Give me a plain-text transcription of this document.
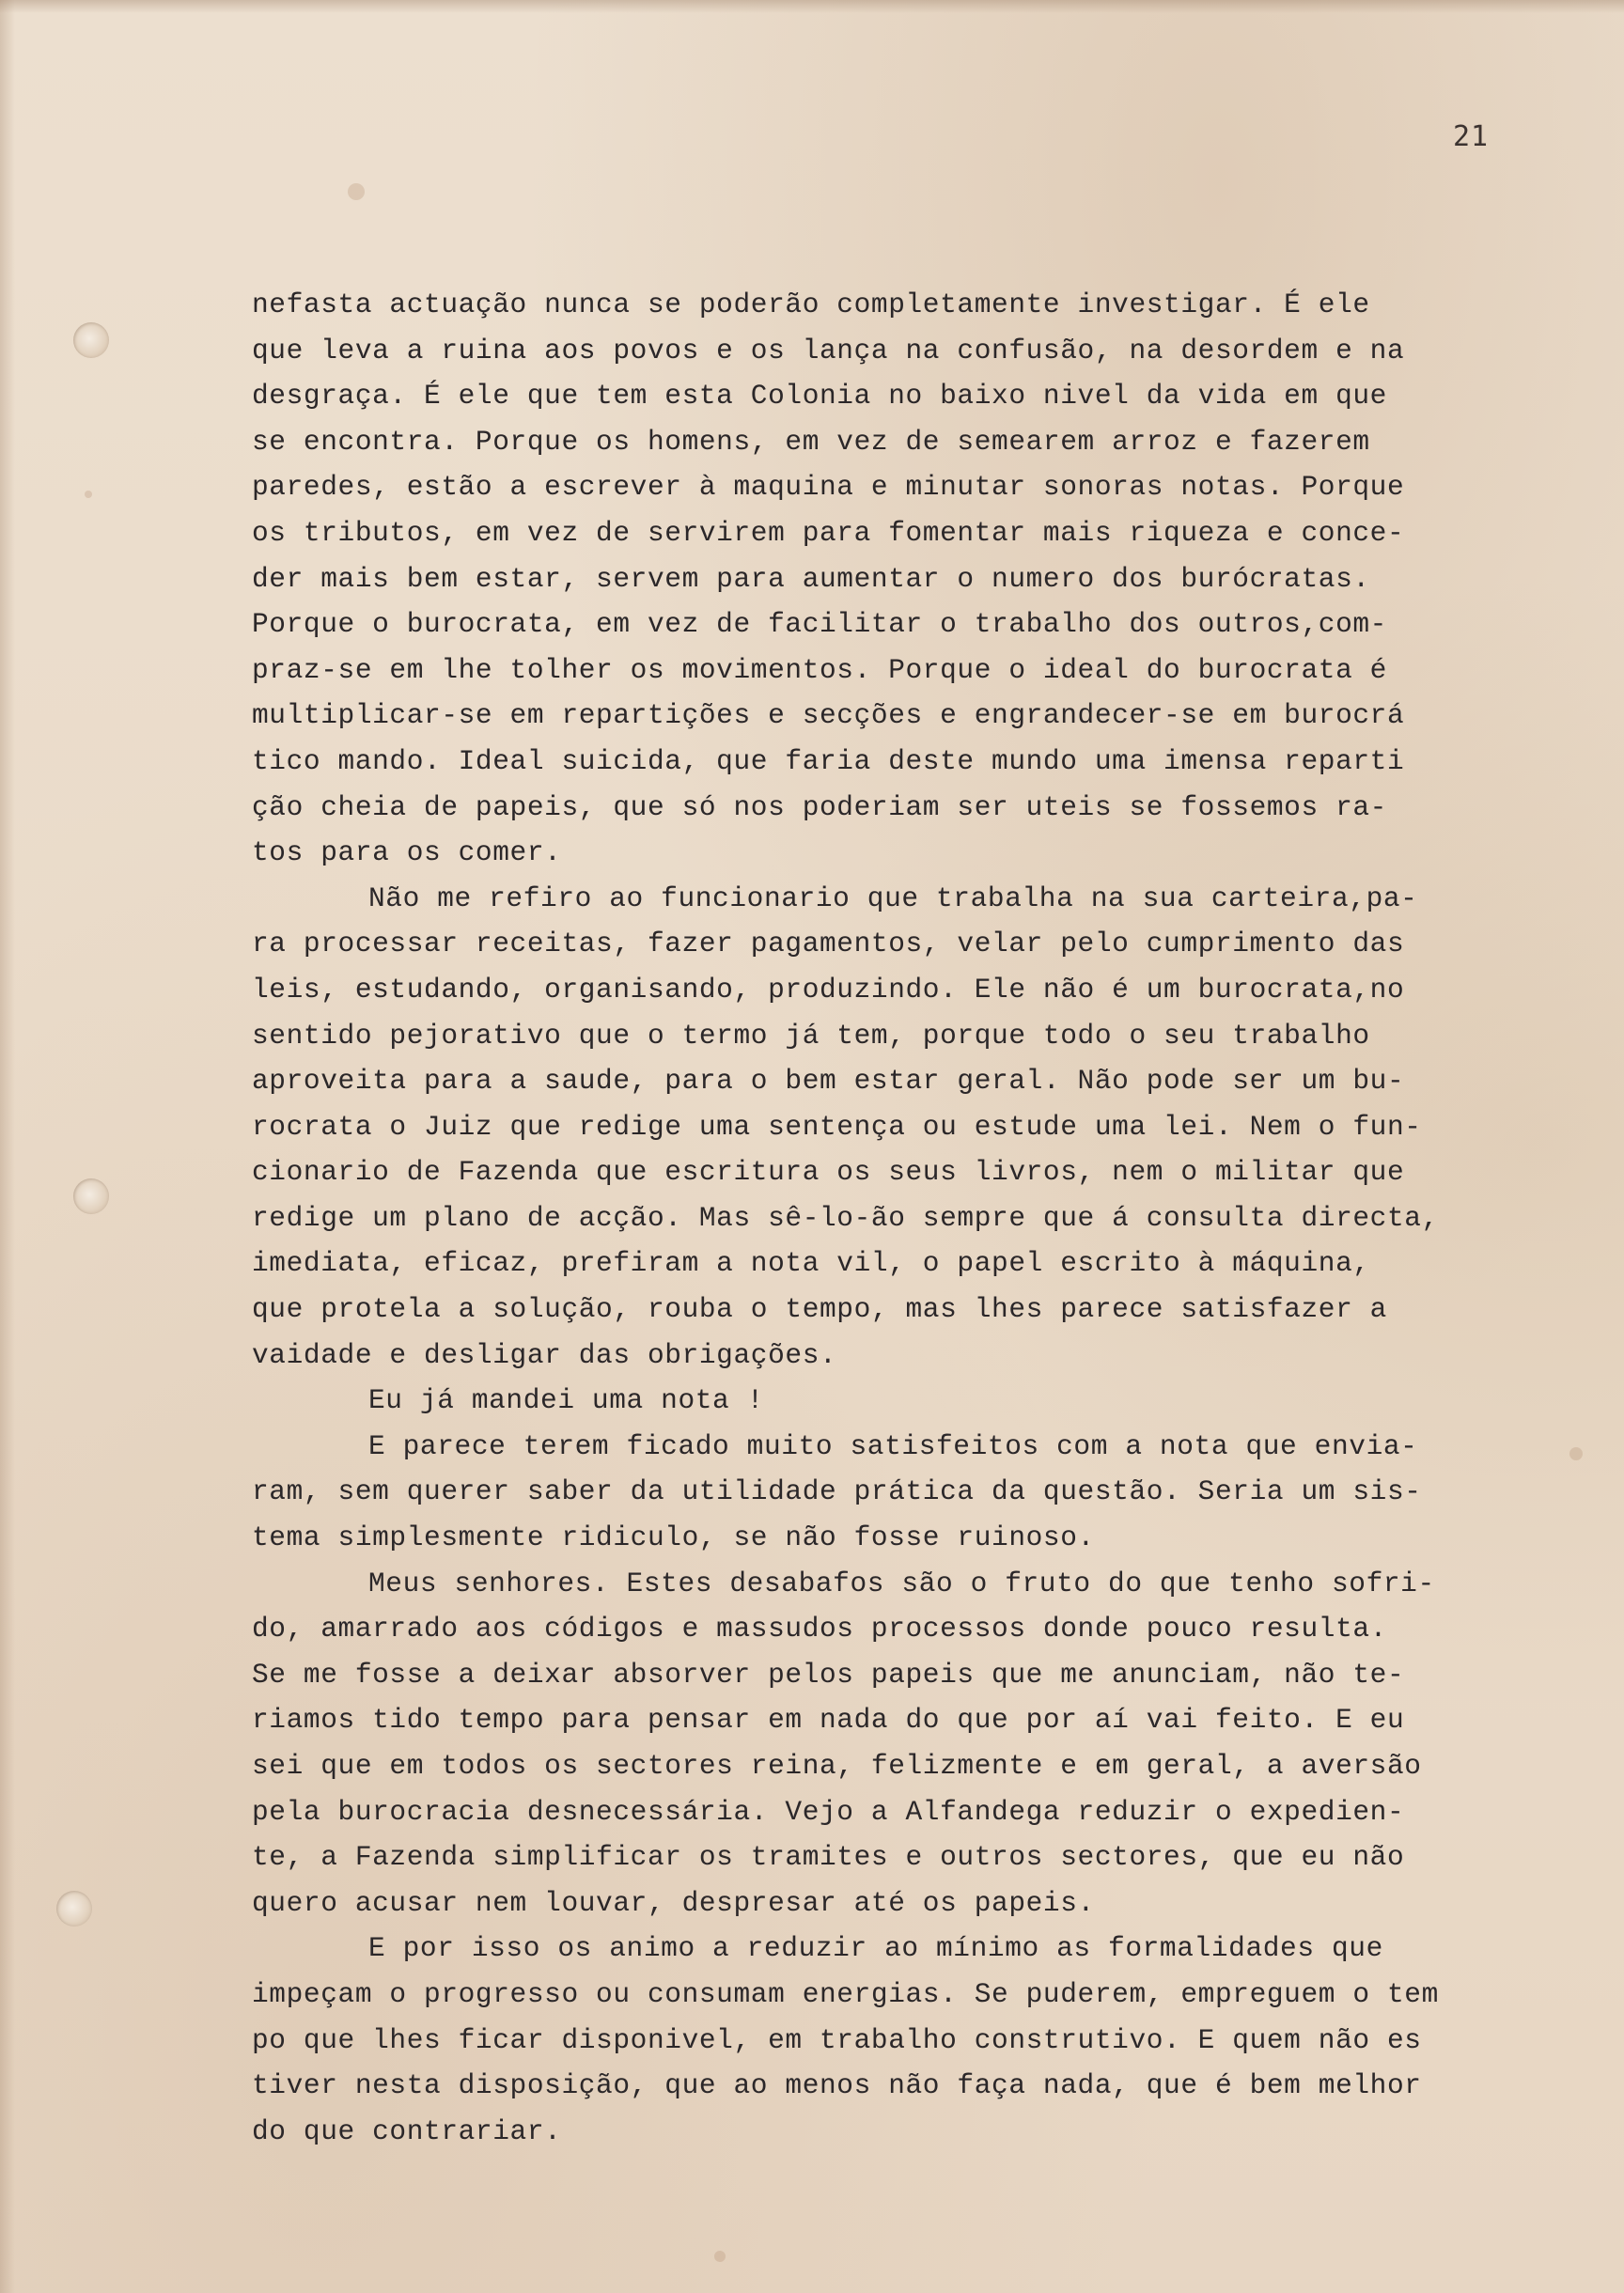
21
nefasta actuação nunca se poderão completamente investigar. É ele
que leva a ruina aos povos e os lança na confusão, na desordem e na
desgraça. É ele que tem esta Colonia no baixo nivel da vida em que
se encontra. Porque os homens, em vez de semearem arroz e fazerem
paredes, estão a escrever à maquina e minutar sonoras notas. Porque
os tributos, em vez de servirem para fomentar mais riqueza e conce-
der mais bem estar, servem para aumentar o numero dos burócratas.
Porque o burocrata, em vez de facilitar o trabalho dos outros,com-
praz-se em lhe tolher os movimentos. Porque o ideal do burocrata é
multiplicar-se em repartições e secções e engrandecer-se em burocrá
tico mando. Ideal suicida, que faria deste mundo uma imensa reparti
ção cheia de papeis, que só nos poderiam ser uteis se fossemos ra-
tos para os comer.
Não me refiro ao funcionario que trabalha na sua carteira,pa-
ra processar receitas, fazer pagamentos, velar pelo cumprimento das
leis, estudando, organisando, produzindo. Ele não é um burocrata,no
sentido pejorativo que o termo já tem, porque todo o seu trabalho
aproveita para a saude, para o bem estar geral. Não pode ser um bu-
rocrata o Juiz que redige uma sentença ou estude uma lei. Nem o fun-
cionario de Fazenda que escritura os seus livros, nem o militar que
redige um plano de acção. Mas sê-lo-ão sempre que á consulta directa,
imediata, eficaz, prefiram a nota vil, o papel escrito à máquina,
que protela a solução, rouba o tempo, mas lhes parece satisfazer a
vaidade e desligar das obrigações.
Eu já mandei uma nota !
E parece terem ficado muito satisfeitos com a nota que envia-
ram, sem querer saber da utilidade prática da questão. Seria um sis-
tema simplesmente ridiculo, se não fosse ruinoso.
Meus senhores. Estes desabafos são o fruto do que tenho sofri-
do, amarrado aos códigos e massudos processos donde pouco resulta.
Se me fosse a deixar absorver pelos papeis que me anunciam, não te-
riamos tido tempo para pensar em nada do que por aí vai feito. E eu
sei que em todos os sectores reina, felizmente e em geral, a aversão
pela burocracia desnecessária. Vejo a Alfandega reduzir o expedien-
te, a Fazenda simplificar os tramites e outros sectores, que eu não
quero acusar nem louvar, despresar até os papeis.
E por isso os animo a reduzir ao mínimo as formalidades que
impeçam o progresso ou consumam energias. Se puderem, empreguem o tem
po que lhes ficar disponivel, em trabalho construtivo. E quem não es
tiver nesta disposição, que ao menos não faça nada, que é bem melhor
do que contrariar.
